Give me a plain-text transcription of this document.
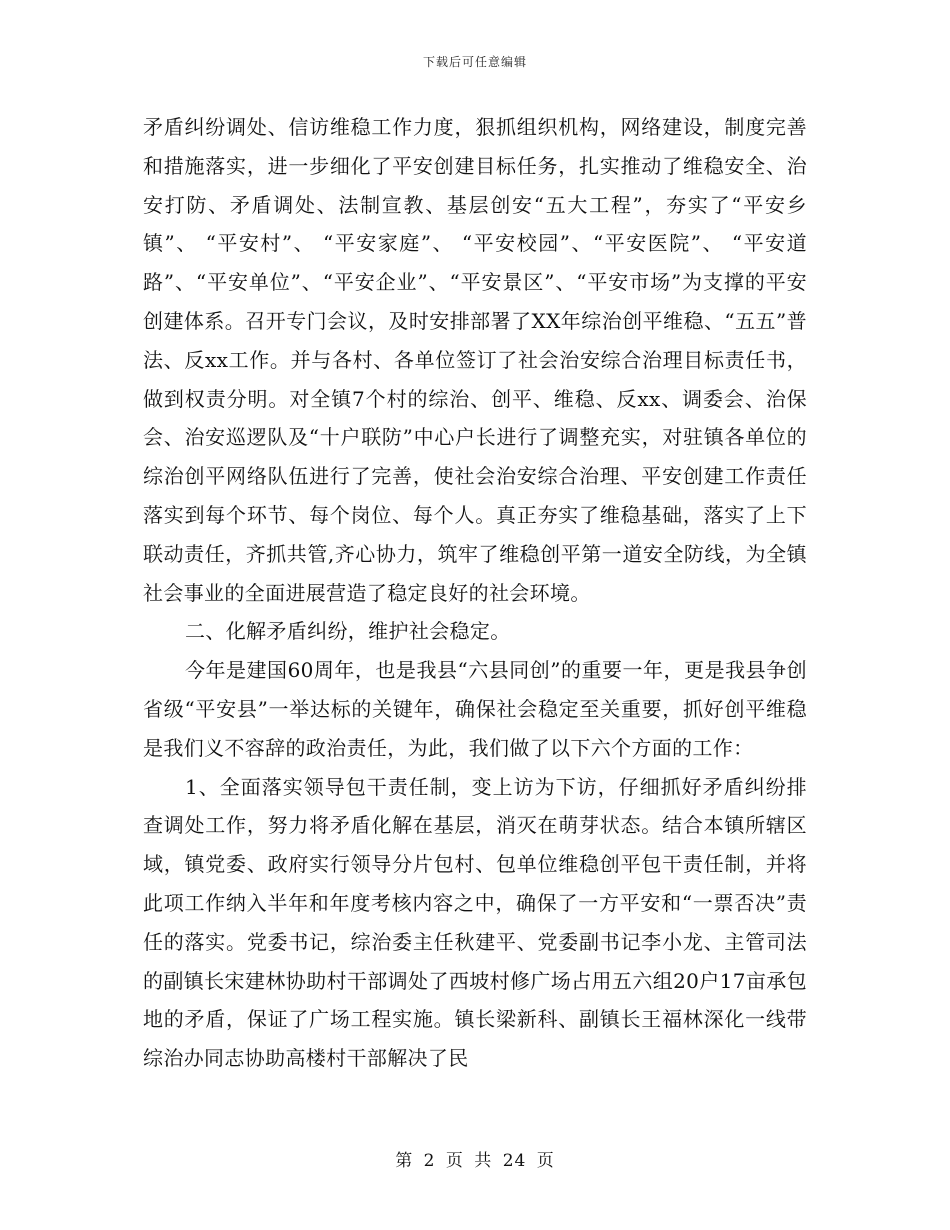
下载后可任意编辑

矛盾纠纷调处、信访维稳工作力度，狠抓组织机构，网络建设，制度完善和措施落实，进一步细化了平安创建目标任务，扎实推动了维稳安全、治安打防、矛盾调处、法制宣教、基层创安“五大工程”，夯实了“平安乡镇”、 “平安村”、 “平安家庭”、 “平安校园”、“平安医院”、 “平安道路”、“平安单位”、“平安企业”、“平安景区”、“平安市场”为支撑的平安创建体系。召开专门会议，及时安排部署了XX年综治创平维稳、“五五”普法、反xx工作。并与各村、各单位签订了社会治安综合治理目标责任书，做到权责分明。对全镇7个村的综治、创平、维稳、反xx、调委会、治保会、治安巡逻队及“十户联防”中心户长进行了调整充实，对驻镇各单位的综治创平网络队伍进行了完善，使社会治安综合治理、平安创建工作责任落实到每个环节、每个岗位、每个人。真正夯实了维稳基础，落实了上下联动责任，齐抓共管,齐心协力，筑牢了维稳创平第一道安全防线，为全镇社会事业的全面进展营造了稳定良好的社会环境。

二、化解矛盾纠纷，维护社会稳定。

今年是建国60周年，也是我县“六县同创”的重要一年，更是我县争创省级“平安县”一举达标的关键年，确保社会稳定至关重要，抓好创平维稳是我们义不容辞的政治责任，为此，我们做了以下六个方面的工作：

1、全面落实领导包干责任制，变上访为下访，仔细抓好矛盾纠纷排查调处工作，努力将矛盾化解在基层，消灭在萌芽状态。结合本镇所辖区域，镇党委、政府实行领导分片包村、包单位维稳创平包干责任制，并将此项工作纳入半年和年度考核内容之中，确保了一方平安和“一票否决”责任的落实。党委书记，综治委主任秋建平、党委副书记李小龙、主管司法的副镇长宋建林协助村干部调处了西坡村修广场占用五六组20户17亩承包地的矛盾，保证了广场工程实施。镇长梁新科、副镇长王福林深化一线带综治办同志协助高楼村干部解决了民

第 2 页 共 24 页
